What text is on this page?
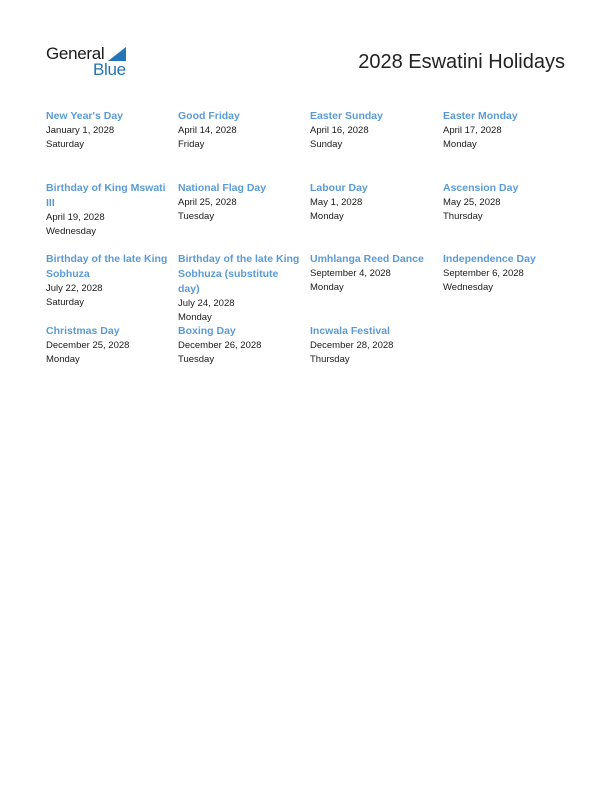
General
Blue	2028 Eswatini Holidays
New Year's Day
January 1, 2028
Saturday
Good Friday
April 14, 2028
Friday
Easter Sunday
April 16, 2028
Sunday
Easter Monday
April 17, 2028
Monday
Birthday of King Mswati III
April 19, 2028
Wednesday
National Flag Day
April 25, 2028
Tuesday
Labour Day
May 1, 2028
Monday
Ascension Day
May 25, 2028
Thursday
Birthday of the late King Sobhuza
July 22, 2028
Saturday
Birthday of the late King Sobhuza (substitute day)
July 24, 2028
Monday
Umhlanga Reed Dance
September 4, 2028
Monday
Independence Day
September 6, 2028
Wednesday
Christmas Day
December 25, 2028
Monday
Boxing Day
December 26, 2028
Tuesday
Incwala Festival
December 28, 2028
Thursday
